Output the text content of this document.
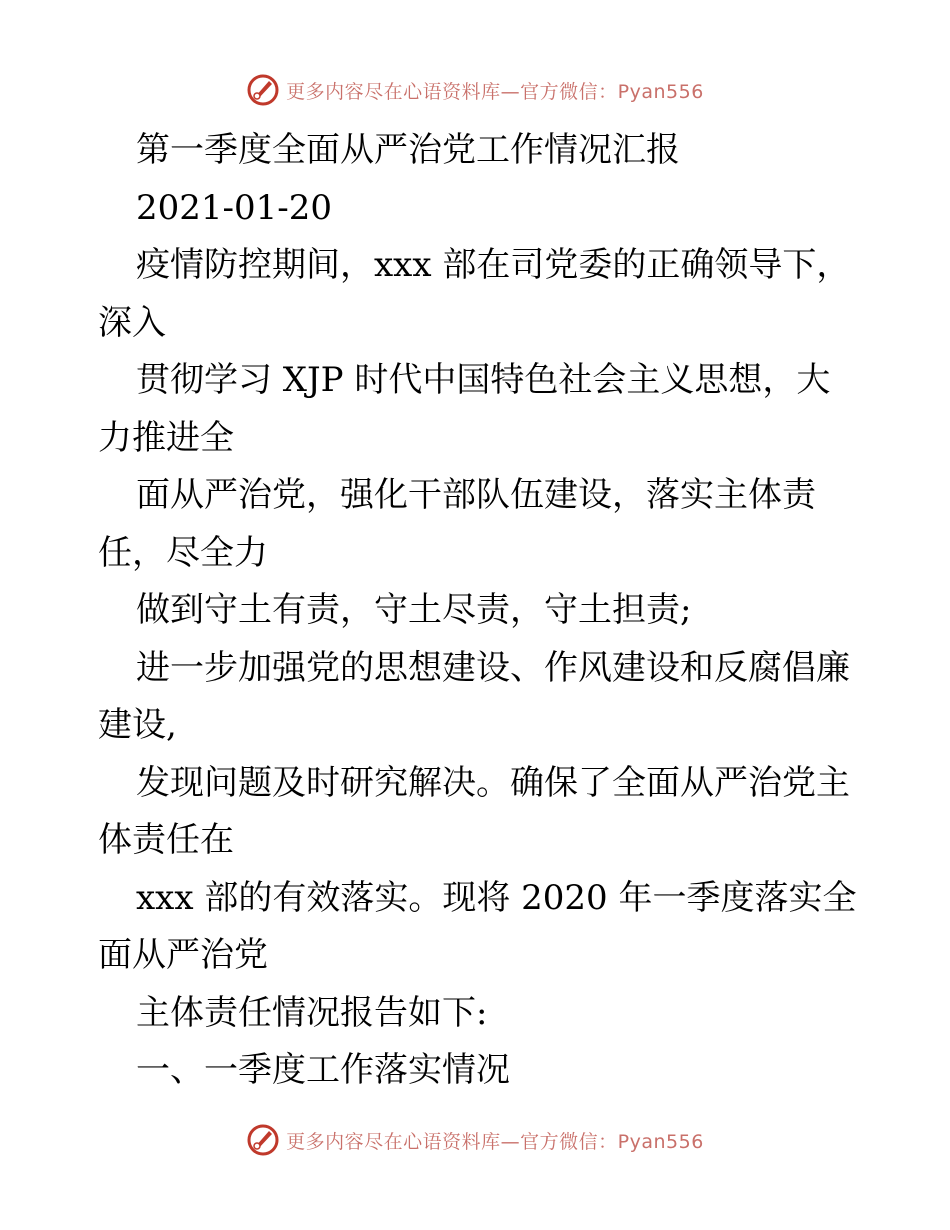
更多内容尽在心语资料库—官方微信：Pyan556
第一季度全面从严治党工作情况汇报
2021-01-20
疫情防控期间，xxx 部在司党委的正确领导下，
深入
贯彻学习 XJP 时代中国特色社会主义思想，大
力推进全
面从严治党，强化干部队伍建设，落实主体责
任，尽全力
做到守土有责，守土尽责，守土担责;
进一步加强党的思想建设、作风建设和反腐倡廉
建设,
发现问题及时研究解决。确保了全面从严治党主
体责任在
xxx 部的有效落实。现将 2020 年一季度落实全
面从严治党
主体责任情况报告如下:
一、一季度工作落实情况
更多内容尽在心语资料库—官方微信：Pyan556
